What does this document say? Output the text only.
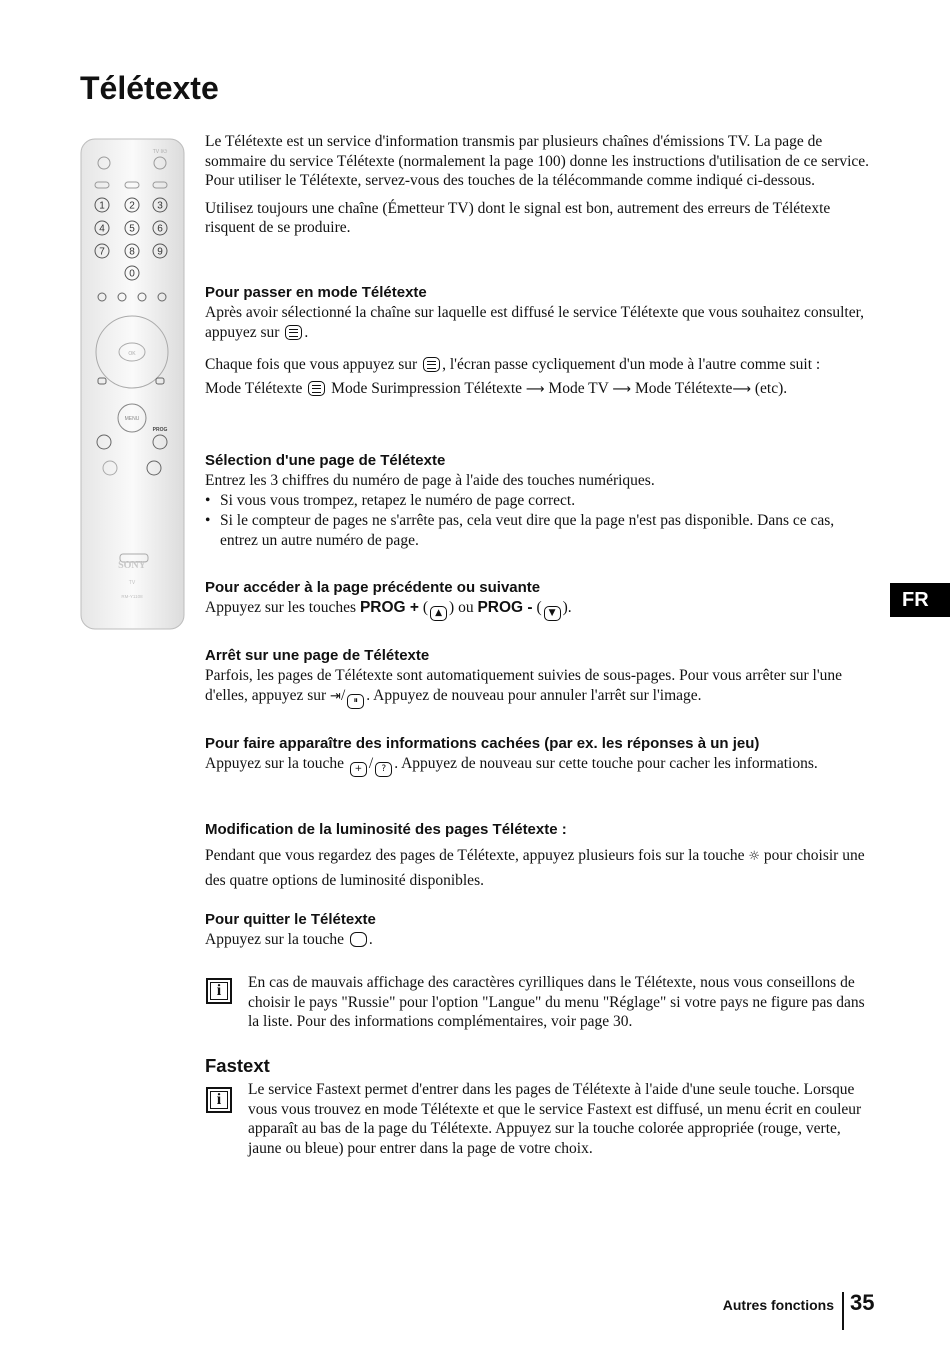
Télétexte
1 2 3
4 5 6
7 8 9
0
OK
MENU
PROG
TV I/⏻
SONY
TV
RM-Y1108	FR

Le Télétexte est un service d'information transmis par plusieurs chaînes d'émissions TV. La page de sommaire du service Télétexte (normalement la page 100) donne les instructions d'utilisation de ce service. Pour utiliser le Télétexte, servez-vous des touches de la télécommande comme indiqué ci-dessous.

Utilisez toujours une chaîne (Émetteur TV) dont le signal est bon, autrement des erreurs de Télétexte risquent de se produire.

Pour passer en mode Télétexte

Après avoir sélectionné la chaîne sur laquelle est diffusé le service Télétexte que vous souhaitez consulter, appuyez sur .

Chaque fois que vous appuyez sur , l'écran passe cycliquement d'un mode à l'autre comme suit :

Mode Télétexte Mode Surimpression Télétexte ⟶ Mode TV ⟶ Mode Télétexte⟶ (etc).

Sélection d'une page de Télétexte

Entrez les 3 chiffres du numéro de page à l'aide des touches numériques.

• Si vous vous trompez, retapez le numéro de page correct.
• Si le compteur de pages ne s'arrête pas, cela veut dire que la page n'est pas disponible. Dans ce cas, entrez un autre numéro de page.
Pour accéder à la page précédente ou suivante

Appuyez sur les touches PROG + ( ▲ ) ou PROG - ( ▼ ).

Arrêt sur une page de Télétexte

Parfois, les pages de Télétexte sont automatiquement suivies de sous-pages. Pour vous arrêter sur l'une d'elles, appuyez sur ⇥/ ⏸ . Appuyez de nouveau pour annuler l'arrêt sur l'image.

Pour faire apparaître des informations cachées (par ex. les réponses à un jeu)

Appuyez sur la touche + / ? . Appuyez de nouveau sur cette touche pour cacher les informations.

Modification de la luminosité des pages Télétexte :

Pendant que vous regardez des pages de Télétexte, appuyez plusieurs fois sur la touche ☼ pour choisir une des quatre options de luminosité disponibles.

Pour quitter le Télétexte

Appuyez sur la touche .

i	En cas de mauvais affichage des caractères cyrilliques dans le Télétexte, nous vous conseillons de choisir le pays "Russie" pour l'option "Langue" du menu "Réglage" si votre pays ne figure pas dans la liste. Pour des informations complémentaires, voir page 30.

Fastext
i

Le service Fastext permet d'entrer dans les pages de Télétexte à l'aide d'une seule touche. Lorsque vous vous trouvez en mode Télétexte et que le service Fastext est diffusé, un menu écrit en couleur apparaît au bas de la page du Télétexte. Appuyez sur la touche colorée appropriée (rouge, verte, jaune ou bleue) pour entrer dans la page de votre choix.

Autres fonctions 35
